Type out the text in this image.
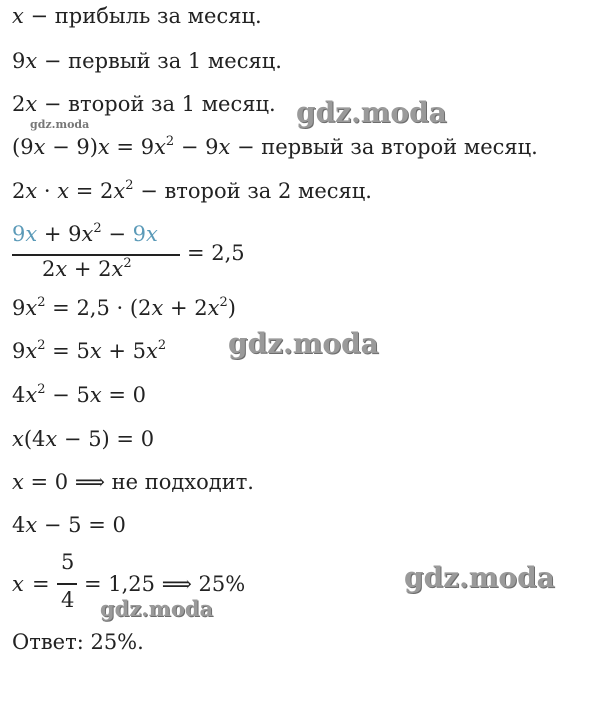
x − прибыль за месяц.
9x − первый за 1 месяц.
2x − второй за 1 месяц.
$(9x - 9)x = 9x^2 - 9x$ − первый за второй месяц.
$2x \cdot x = 2x^2$ − второй за 2 месяц.
$9x + 9x^2 - 9x$
$2x + 2x^2$	= 2,5
$9x^2 = 2,5 \cdot (2x + 2x^2)$
$9x^2 = 5x + 5x^2$
$4x^2 - 5x = 0$
x(4x − 5) = 0
x = 0 ⟹ не подходит.
4x − 5 = 0
x =
5
4
= 1,25 ⟹ 25%
Ответ: 25%.
gdz.moda
gdz.moda
gdz.moda
gdz.moda
gdz.moda
